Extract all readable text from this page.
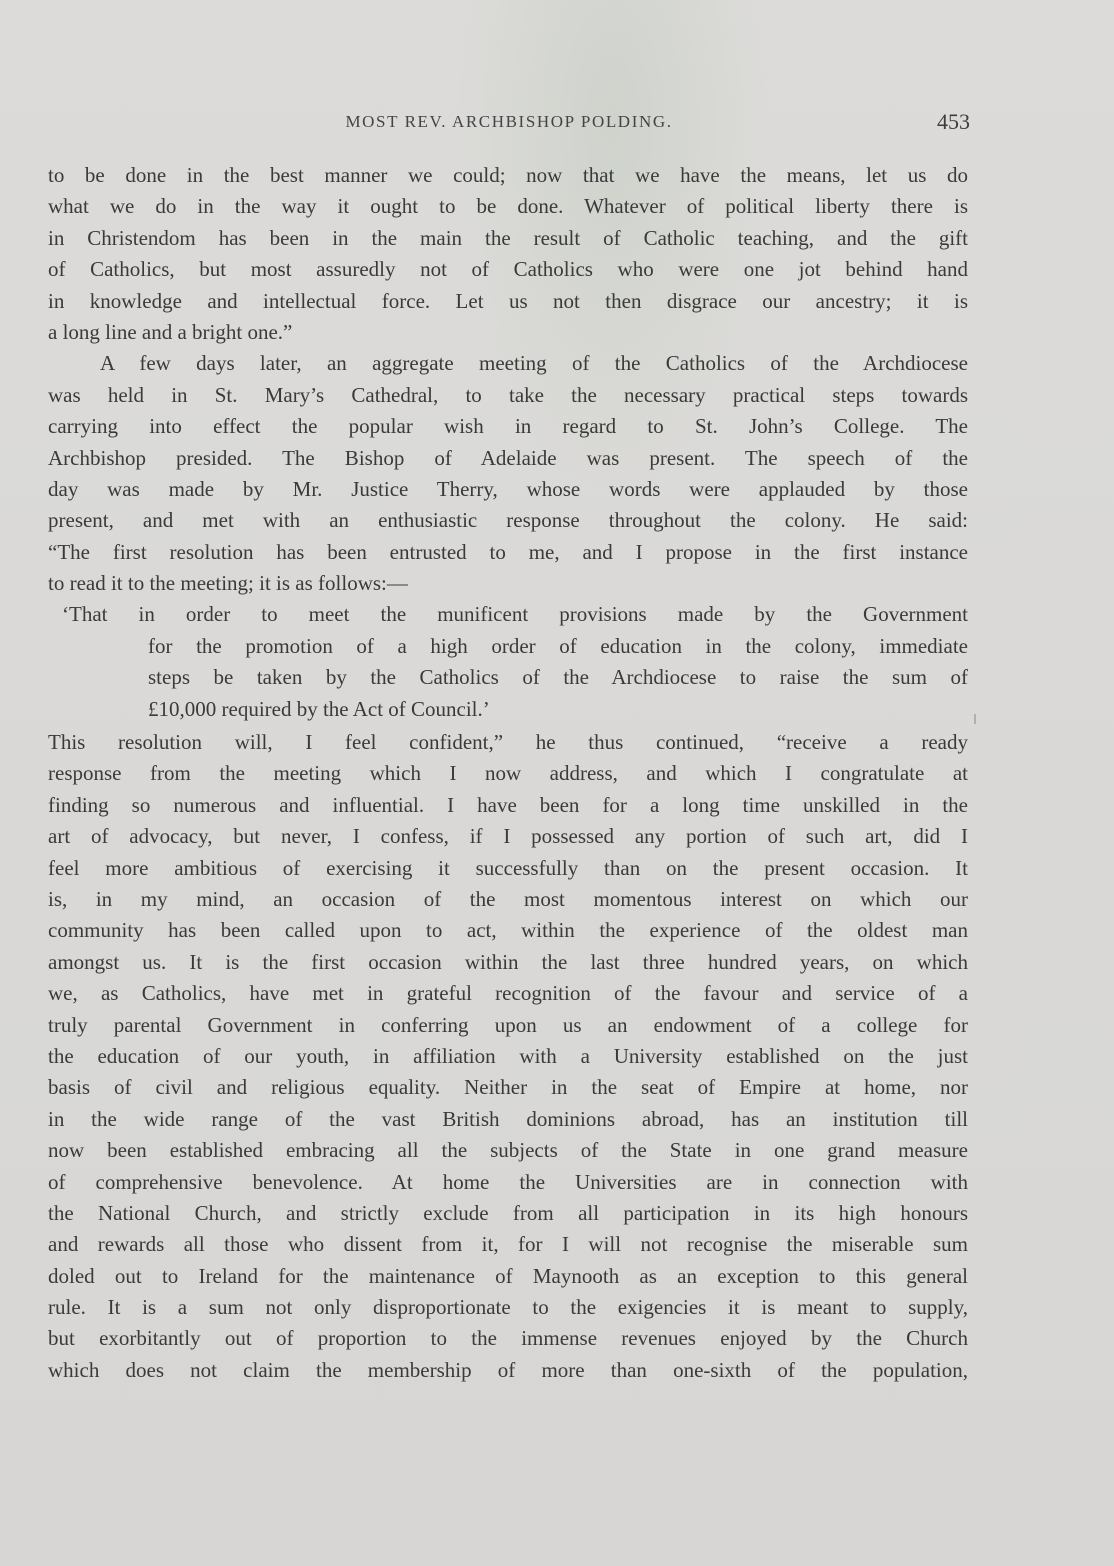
MOST REV. ARCHBISHOP POLDING.	453
to be done in the best manner we could; now that we have the means, let us do
what we do in the way it ought to be done. Whatever of political liberty there is
in Christendom has been in the main the result of Catholic teaching, and the gift
of Catholics, but most assuredly not of Catholics who were one jot behind hand
in knowledge and intellectual force. Let us not then disgrace our ancestry; it is
a long line and a bright one.”
A few days later, an aggregate meeting of the Catholics of the Archdiocese
was held in St. Mary’s Cathedral, to take the necessary practical steps towards
carrying into effect the popular wish in regard to St. John’s College. The
Archbishop presided. The Bishop of Adelaide was present. The speech of the
day was made by Mr. Justice Therry, whose words were applauded by those
present, and met with an enthusiastic response throughout the colony. He said:
“The first resolution has been entrusted to me, and I propose in the first instance
to read it to the meeting; it is as follows:—
‘That in order to meet the munificent provisions made by the Government
for the promotion of a high order of education in the colony, immediate
steps be taken by the Catholics of the Archdiocese to raise the sum of
£10,000 required by the Act of Council.’
This resolution will, I feel confident,” he thus continued, “receive a ready
response from the meeting which I now address, and which I congratulate at
finding so numerous and influential. I have been for a long time unskilled in the
art of advocacy, but never, I confess, if I possessed any portion of such art, did I
feel more ambitious of exercising it successfully than on the present occasion. It
is, in my mind, an occasion of the most momentous interest on which our
community has been called upon to act, within the experience of the oldest man
amongst us. It is the first occasion within the last three hundred years, on which
we, as Catholics, have met in grateful recognition of the favour and service of a
truly parental Government in conferring upon us an endowment of a college for
the education of our youth, in affiliation with a University established on the just
basis of civil and religious equality. Neither in the seat of Empire at home, nor
in the wide range of the vast British dominions abroad, has an institution till
now been established embracing all the subjects of the State in one grand measure
of comprehensive benevolence. At home the Universities are in connection with
the National Church, and strictly exclude from all participation in its high honours
and rewards all those who dissent from it, for I will not recognise the miserable sum
doled out to Ireland for the maintenance of Maynooth as an exception to this general
rule. It is a sum not only disproportionate to the exigencies it is meant to supply,
but exorbitantly out of proportion to the immense revenues enjoyed by the Church
which does not claim the membership of more than one-sixth of the population,
